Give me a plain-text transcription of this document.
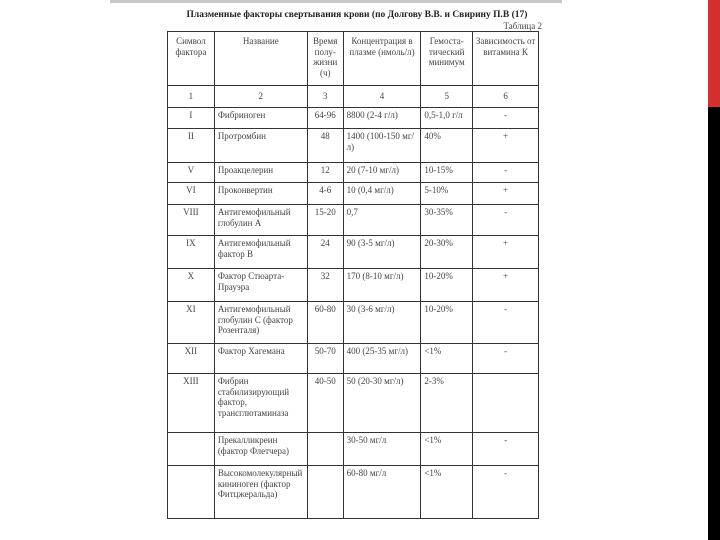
Плазменные факторы свертывания крови (по Долгову В.В. и Свирину П.В (17)
Таблица 2
Символ фактора	Название	Время полу-жизни (ч)	Концентрация в плазме (нмоль/л)	Гемоста-тический минимум	Зависимость от витамина К
1	2	3	4	5	6
I	Фибриноген	64-96	8800 (2-4 г/л)	0,5-1,0 г/л	-
II	Протромбин	48	1400 (100-150 мг/л)	40%	+
V	Проакцелерин	12	20 (7-10 мг/л)	10-15%	-
VI	Проконвертин	4-6	10 (0,4 мг/л)	5-10%	+
VIII	Антигемофильный глобулин А	15-20	0,7	30-35%	-
IX	Антигемофильный фактор В	24	90 (3-5 мг/л)	20-30%	+
X	Фактор Стюарта-Прауэра	32	170 (8-10 мг/л)	10-20%	+
XI	Антигемофильный глобулин С (фактор Розенталя)	60-80	30 (3-6 мг/л)	10-20%	-
XII	Фактор Хагемана	50-70	400 (25-35 мг/л)	<1%	-
XIII	Фибрин стабилизирующий фактор, трансглютаминаза	40-50	50 (20-30 мг/л)	2-3%	
	Прекалликреин (фактор Флетчера)		30-50 мг/л	<1%	-
	Высокомолекулярный кининоген (фактор Фитцжеральда)		60-80 мг/л	<1%	-
